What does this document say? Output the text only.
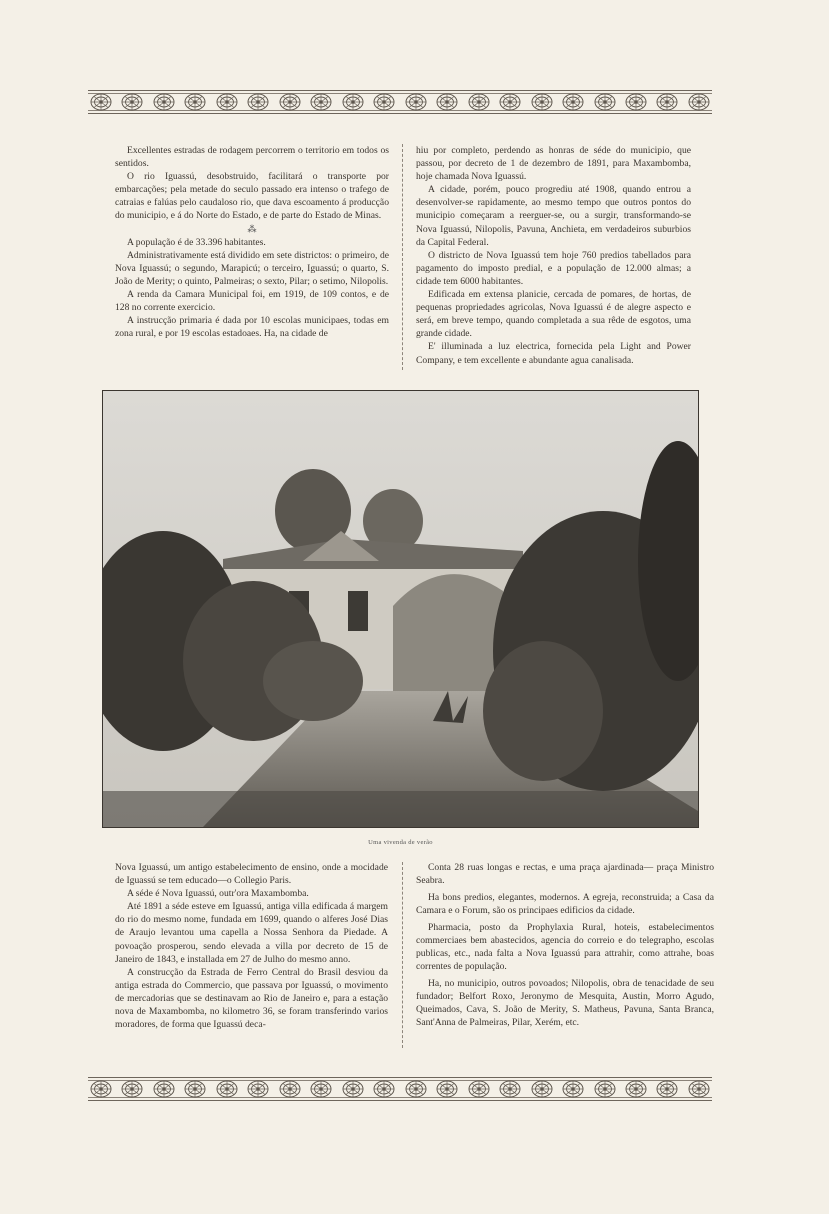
Excellentes estradas de rodagem percorrem o territorio em todos os sentidos.

O rio Iguassú, desobstruido, facilitará o transporte por embarcações; pela metade do seculo passado era intenso o trafego de catraias e falúas pelo caudaloso rio, que dava escoamento á producção do municipio, e á do Norte do Estado, e de parte do Estado de Minas.

⁂

A população é de 33.396 habitantes.

Administrativamente está dividido em sete districtos: o primeiro, de Nova Iguassú; o segundo, Marapicú; o terceiro, Iguassú; o quarto, S. João de Merity; o quinto, Palmeiras; o sexto, Pilar; o setimo, Nilopolis.

A renda da Camara Municipal foi, em 1919, de 109 contos, e de 128 no corrente exercicio.

A instrucção primaria é dada por 10 escolas municipaes, todas em zona rural, e por 19 escolas estadoaes. Ha, na cidade de

hiu por completo, perdendo as honras de séde do municipio, que passou, por decreto de 1 de dezembro de 1891, para Maxambomba, hoje chamada Nova Iguassú.

A cidade, porém, pouco progrediu até 1908, quando entrou a desenvolver-se rapidamente, ao mesmo tempo que outros pontos do municipio começaram a reerguer-se, ou a surgir, transformando-se Nova Iguassú, Nilopolis, Pavuna, Anchieta, em verdadeiros suburbios da Capital Federal.

O districto de Nova Iguassú tem hoje 760 predios tabellados para pagamento do imposto predial, e a população de 12.000 almas; a cidade tem 6000 habitantes.

Edificada em extensa planicie, cercada de pomares, de hortas, de pequenas propriedades agricolas, Nova Iguassú é de alegre aspecto e será, em breve tempo, quando completada a sua rêde de esgotos, uma grande cidade.

E' illuminada a luz electrica, fornecida pela Light and Power Company, e tem excellente e abundante agua canalisada.

Uma vivenda de verão

Nova Iguassú, um antigo estabelecimento de ensino, onde a mocidade de Iguassú se tem educado—o Collegio Paris.

A séde é Nova Iguassú, outr'ora Maxambomba.

Até 1891 a séde esteve em Iguassú, antiga villa edificada á margem do rio do mesmo nome, fundada em 1699, quando o alferes José Dias de Araujo levantou uma capella a Nossa Senhora da Piedade. A povoação prosperou, sendo elevada a villa por decreto de 15 de Janeiro de 1843, e installada em 27 de Julho do mesmo anno.

A construcção da Estrada de Ferro Central do Brasil desviou da antiga estrada do Commercio, que passava por Iguassú, o movimento de mercadorias que se destinavam ao Rio de Janeiro e, para a estação nova de Maxambomba, no kilometro 36, se foram transferindo varios moradores, de forma que Iguassú deca-

Conta 28 ruas longas e rectas, e uma praça ajardinada— praça Ministro Seabra.

Ha bons predios, elegantes, modernos. A egreja, reconstruida; a Casa da Camara e o Forum, são os principaes edificios da cidade.

Pharmacia, posto da Prophylaxia Rural, hoteis, estabelecimentos commerciaes bem abastecidos, agencia do correio e do telegrapho, escolas publicas, etc., nada falta a Nova Iguassú para attrahir, como attrahe, boas correntes de população.

Ha, no municipio, outros povoados; Nilopolis, obra de tenacidade de seu fundador; Belfort Roxo, Jeronymo de Mesquita, Austin, Morro Agudo, Queimados, Cava, S. João de Merity, S. Matheus, Pavuna, Santa Branca, Sant'Anna de Palmeiras, Pilar, Xerém, etc.
